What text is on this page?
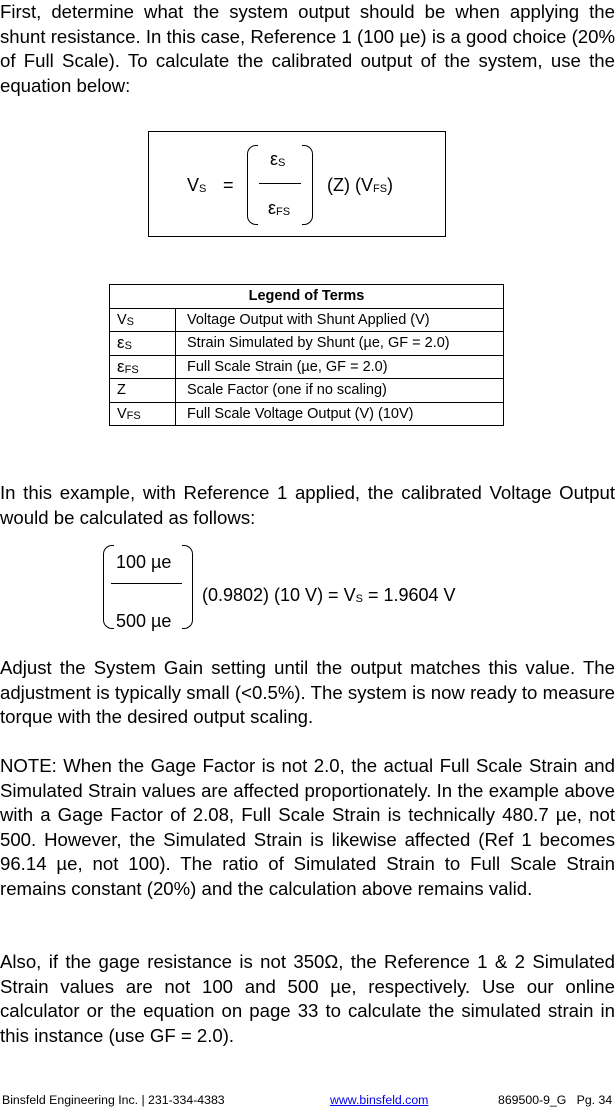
First, determine what the system output should be when applying the shunt resistance. In this case, Reference 1 (100 µe) is a good choice (20% of Full Scale). To calculate the calibrated output of the system, use the equation below:

$V_S$ =
$\varepsilon_S$
$\varepsilon_{FS}$
(Z) $(V_{FS})$
Legend of Terms	
$V_S$	Voltage Output with Shunt Applied (V)
$\varepsilon_S$	Strain Simulated by Shunt (µe, GF = 2.0)
$\varepsilon_{FS}$	Full Scale Strain (µe, GF = 2.0)
Z	Scale Factor (one if no scaling)
$V_{FS}$	Full Scale Voltage Output (V) (10V)

In this example, with Reference 1 applied, the calibrated Voltage Output would be calculated as follows:

100 µe
500 µe
(0.9802) (10 $V) = V_S = 1.9604$ V

Adjust the System Gain setting until the output matches this value. The adjustment is typically small (<0.5%). The system is now ready to measure torque with the desired output scaling.

NOTE: When the Gage Factor is not 2.0, the actual Full Scale Strain and Simulated Strain values are affected proportionately. In the example above with a Gage Factor of 2.08, Full Scale Strain is technically 480.7 µe, not 500. However, the Simulated Strain is likewise affected (Ref 1 becomes 96.14 µe, not 100). The ratio of Simulated Strain to Full Scale Strain remains constant (20%) and the calculation above remains valid.

Also, if the gage resistance is not 350Ω, the Reference 1 & 2 Simulated Strain values are not 100 and 500 µe, respectively. Use our online calculator or the equation on page 33 to calculate the simulated strain in this instance (use GF = 2.0).

Binsfeld Engineering Inc. | 231-334-4383	www.binsfeld.com	869500-9_G   Pg. 34
